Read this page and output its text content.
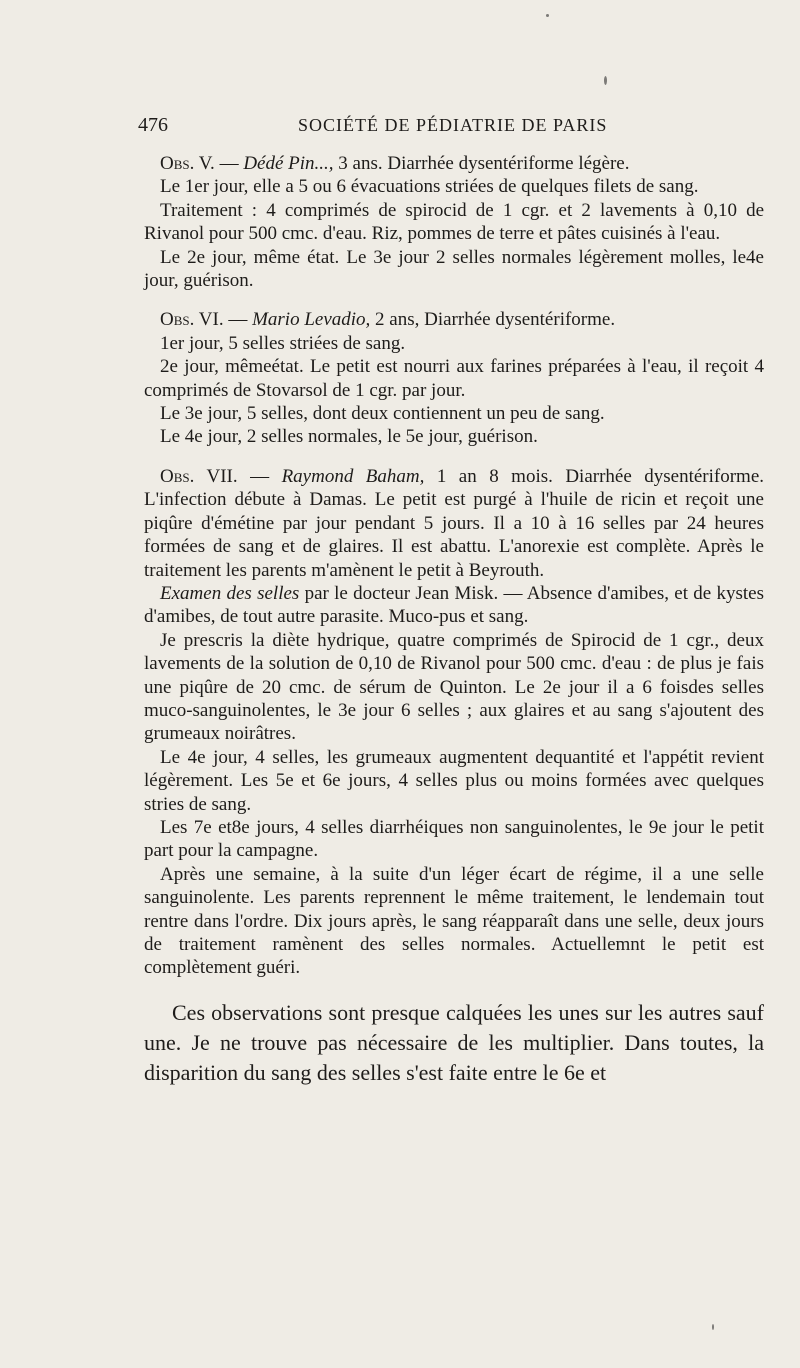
476	SOCIÉTÉ DE PÉDIATRIE DE PARIS

Obs. V. — Dédé Pin..., 3 ans. Diarrhée dysentériforme légère.

Le 1er jour, elle a 5 ou 6 évacuations striées de quelques filets de sang.

Traitement : 4 comprimés de spirocid de 1 cgr. et 2 lavements à 0,10 de Rivanol pour 500 cmc. d'eau. Riz, pommes de terre et pâtes cuisinés à l'eau.

Le 2e jour, même état. Le 3e jour 2 selles normales légèrement molles, le4e jour, guérison.

Obs. VI. — Mario Levadio, 2 ans, Diarrhée dysentériforme.

1er jour, 5 selles striées de sang.

2e jour, mêmeétat. Le petit est nourri aux farines préparées à l'eau, il reçoit 4 comprimés de Stovarsol de 1 cgr. par jour.

Le 3e jour, 5 selles, dont deux contiennent un peu de sang.

Le 4e jour, 2 selles normales, le 5e jour, guérison.

Obs. VII. — Raymond Baham, 1 an 8 mois. Diarrhée dysentériforme. L'infection débute à Damas. Le petit est purgé à l'huile de ricin et reçoit une piqûre d'émétine par jour pendant 5 jours. Il a 10 à 16 selles par 24 heures formées de sang et de glaires. Il est abattu. L'anorexie est complète. Après le traitement les parents m'amènent le petit à Beyrouth.

Examen des selles par le docteur Jean Misk. — Absence d'amibes, et de kystes d'amibes, de tout autre parasite. Muco-pus et sang.

Je prescris la diète hydrique, quatre comprimés de Spirocid de 1 cgr., deux lavements de la solution de 0,10 de Rivanol pour 500 cmc. d'eau : de plus je fais une piqûre de 20 cmc. de sérum de Quinton. Le 2e jour il a 6 foisdes selles muco-sanguinolentes, le 3e jour 6 selles ; aux glaires et au sang s'ajoutent des grumeaux noirâtres.

Le 4e jour, 4 selles, les grumeaux augmentent dequantité et l'appétit revient légèrement. Les 5e et 6e jours, 4 selles plus ou moins formées avec quelques stries de sang.

Les 7e et8e jours, 4 selles diarrhéiques non sanguinolentes, le 9e jour le petit part pour la campagne.

Après une semaine, à la suite d'un léger écart de régime, il a une selle sanguinolente. Les parents reprennent le même traitement, le lendemain tout rentre dans l'ordre. Dix jours après, le sang réapparaît dans une selle, deux jours de traitement ramènent des selles normales. Actuellemnt le petit est complètement guéri.

Ces observations sont presque calquées les unes sur les autres sauf une. Je ne trouve pas nécessaire de les multiplier. Dans toutes, la disparition du sang des selles s'est faite entre le 6e et
